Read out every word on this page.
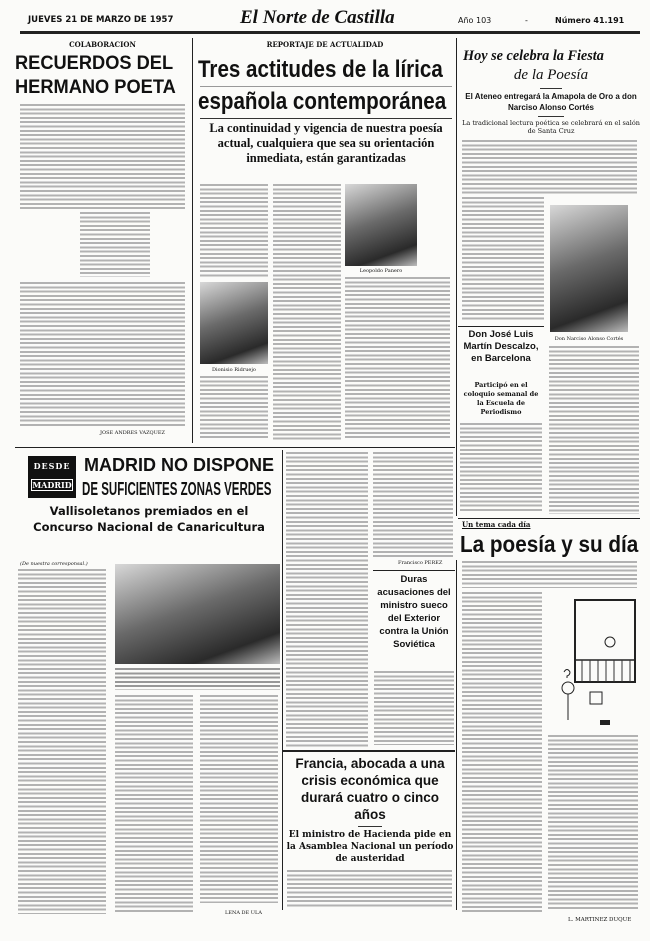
JUEVES 21 DE MARZO DE 1957	El Norte de Castilla	Año 103	-	Número 41.191
COLABORACION
RECUERDOS DEL
HERMANO POETA
JOSE ANDRES VAZQUEZ
REPORTAJE DE ACTUALIDAD
Tres actitudes de la lírica
española contemporánea
La continuidad y vigencia de nuestra poesía actual, cualquiera que sea su orientación inmediata, están garantizadas
Leopoldo Panero
Dionisio Ridruejo
Hoy se celebra la Fiesta
de la Poesía
El Ateneo entregará la Amapola de Oro a don Narciso Alonso Cortés
La tradicional lectura poética se celebrará en el salón de Santa Cruz
Don Narciso Alonso Cortés
Don José Luis Martín Descalzo, en Barcelona
Participó en el coloquio semanal de la Escuela de Periodismo
Un tema cada día
La poesía y su día
L. MARTINEZ DUQUE
DESDE
MADRID
MADRID NO DISPONE
DE SUFICIENTES ZONAS VERDES
Vallisoletanos premiados en el Concurso Nacional de Canaricultura
(De nuestra corresponsal.)
LENA DE ULA
Francisco PEREZ
Duras acusaciones del ministro sueco del Exterior contra la Unión Soviética
Francia, abocada a una crisis económica que durará cuatro o cinco años
El ministro de Hacienda pide en la Asamblea Nacional un período de austeridad
